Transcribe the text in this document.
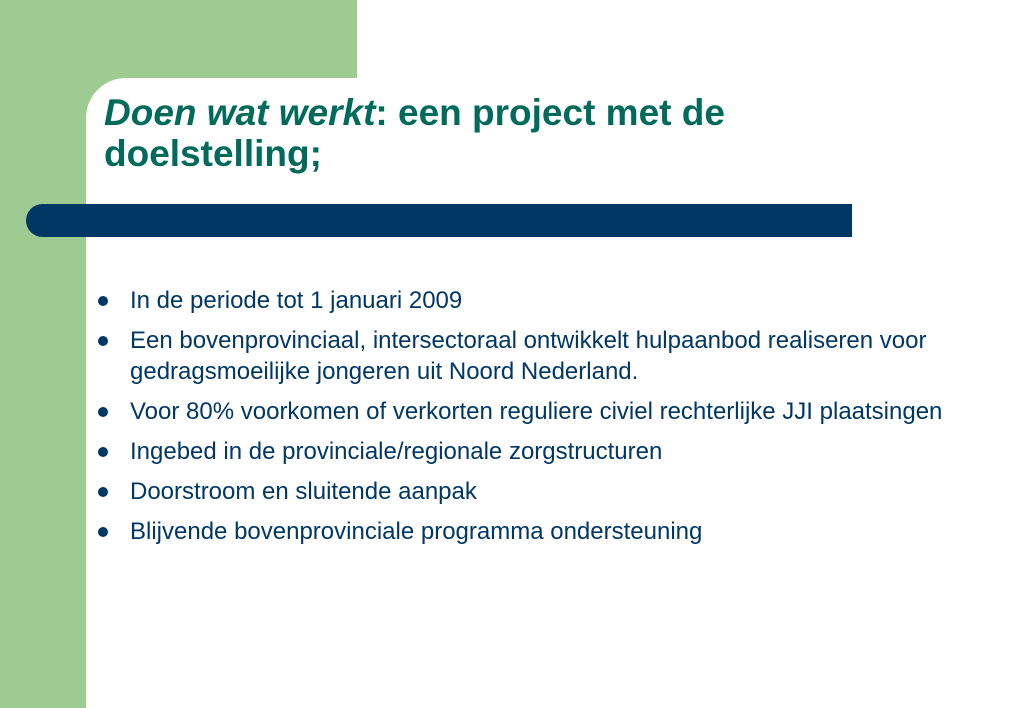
Doen wat werkt: een project met de doelstelling;
In de periode tot 1 januari 2009
Een bovenprovinciaal, intersectoraal ontwikkelt hulpaanbod realiseren voor gedragsmoeilijke jongeren uit Noord Nederland.
Voor 80% voorkomen of verkorten reguliere civiel rechterlijke JJI plaatsingen
Ingebed in de provinciale/regionale zorgstructuren
Doorstroom en sluitende aanpak
Blijvende bovenprovinciale programma ondersteuning
